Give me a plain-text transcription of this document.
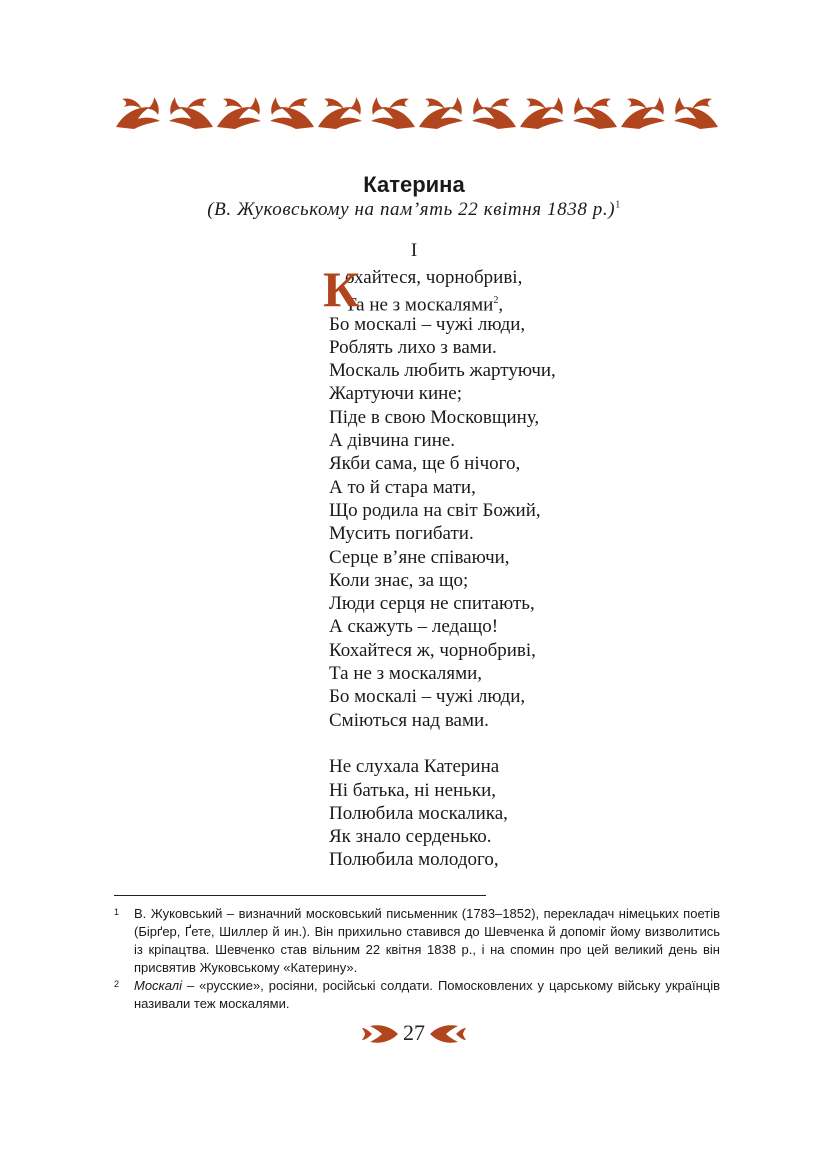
Катерина
(В. Жуковському на пам’ять 22 квітня 1838 р.)$^1$
І
К
охайтеся, чорнобриві,
Та не з москалями$^2$,
Бо москалі – чужі люди,
Роблять лихо з вами.
Москаль любить жартуючи,
Жартуючи кине;
Піде в свою Московщину,
А дівчина гине.
Якби сама, ще б нічого,
А то й стара мати,
Що родила на світ Божий,
Мусить погибати.
Серце в’яне співаючи,
Коли знає, за що;
Люди серця не спитають,
А скажуть – ледащо!
Кохайтеся ж, чорнобриві,
Та не з москалями,
Бо москалі – чужі люди,
Сміються над вами.
Не слухала Катерина
Ні батька, ні неньки,
Полюбила москалика,
Як знало серденько.
Полюбила молодого,
1 В. Жуковський – визначний московський письменник (1783–1852), перекладач німецьких поетів (Бірґер, Ґете, Шиллер й ин.). Він прихильно ставився до Шевченка й допоміг йому визволитись із кріпацтва. Шевченко став вільним 22 квітня 1838 р., і на спомин про цей великий день він присвятив Жуковському «Катерину».
2 Москалі – «русские», росіяни, російські солдати. Помосковлених у царському війську українців називали теж москалями.
27
